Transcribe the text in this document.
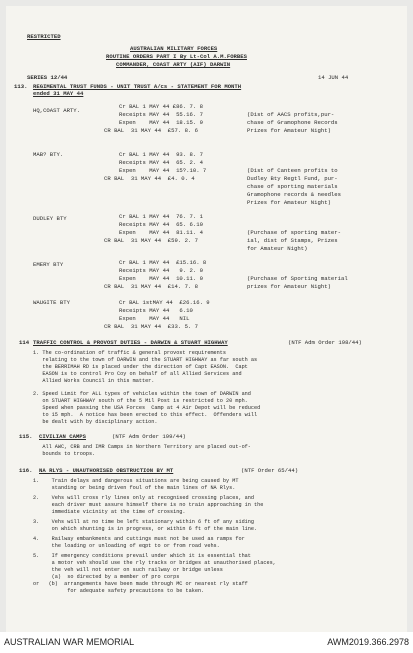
RESTRICTED
AUSTRALIAN MILITARY FORCES
ROUTINE ORDERS PART I By Lt-Col A.M.FORBES
COMMANDER, COAST ARTY (AIF) DARWIN
SERIES 12/44	14 JUN 44
113. REGIMENTAL TRUST FUNDS - UNIT TRUST A/cs - STATEMENT FOR MONTH
ended 31 MAY 44
HQ,COAST ARTY.
Cr BAL 1 MAY 44 £86. 7. 8
Receipts MAY 44  55.16. 7
Expen    MAY 44  18.15. 9
CR BAL  31 MAY 44  £57. 8. 6
(Dist of AACS profits,pur-
chase of Gramophone Records
Prizes for Amateur Night)
MAB? BTY.	Cr BAL 1 MAY 44  93. 8. 7
Receipts MAY 44  65. 2. 4
Expen    MAY 44  15?.10. 7
CR BAL  31 MAY 44  £4. 0. 4
(Dist of Canteen profits to
Dudley Bty Regtl Fund, pur-
chase of sporting materials
Gramophone records & needles
Prizes for Amateur Night)
DUDLEY BTY	Cr BAL 1 MAY 44  76. 7. 1
Receipts MAY 44  65. 6.10
Expen    MAY 44  81.11. 4
CR BAL  31 MAY 44  £59. 2. 7
(Purchase of sporting mater-
ial, dist of Stamps, Prizes
for Amateur Night)
EMERY BTY	Cr BAL 1 MAY 44  £15.16. 8
Receipts MAY 44   9. 2. 0
Expen    MAY 44  10.11. 0
CR BAL  31 MAY 44  £14. 7. 8
(Purchase of Sporting material
prizes for Amateur Night)
WAUGITE BTY	Cr BAL 1stMAY 44  £26.16. 9
Receipts MAY 44   6.10
Expen    MAY 44   NIL
CR BAL  31 MAY 44  £33. 5. 7
114 TRAFFIC CONTROL & PROVOST DUTIES - DARWIN & STUART HIGHWAY	(NTF Adm Order 198/44)
1. The co-ordination of traffic & general provost requirements
relating to the town of DARWIN and the STUART HIGHWAY as far south as
the BERRIMAH RD is placed under the direction of Capt EASON.  Capt
EASON is to control Pro Coy on behalf of all Allied Services and
Allied Works Council in this matter.
2. Speed Limit for ALL types of vehicles within the town of DARWIN and
on STUART HIGHWAY south of the 5 Mil Post is restricted to 20 mph.
Speed when passing the USA Forces  Camp at 4 Air Depot will be reduced
to 15 mph.  A notice has been erected to this effect.  Offenders will
be dealt with by disciplinary action.
115. CIVILIAN CAMPS	(NTF Adm Order 199/44)
All AWC, CRB and IMR Camps in Northern Territory are placed out-of-
bounds to troops.
116. NA RLYS - UNAUTHORISED OBSTRUCTION BY MT	(NTF Order 65/44)
1.    Train delays and dangerous situations are being caused by MT
standing or being driven foul of the main lines of NA Rlys.
2.    Vehs will cross rly lines only at recognised crossing places, and
each driver must assure himself there is no train approaching in the
immediate vicinity at the time of crossing.
3.    Vehs will at no time be left stationary within 6 ft of any siding
on which shunting is in progress, or within 6 ft of the main line.
4.    Railway embankments and cuttings must not be used as ramps for
the loading or unloading of eqpt to or from road vehs.
5.    If emergency conditions prevail under which it is essential that
a motor veh should use the rly tracks or bridges at unauthorised places,
the veh will not enter on such railway or bridge unless
(a)  so directed by a member of pro corps
or   (b)  arrangements have been made through MC or nearest rly staff
for adequate safety precautions to be taken.
AUSTRALIAN WAR MEMORIAL	AWM2019.366.2978
